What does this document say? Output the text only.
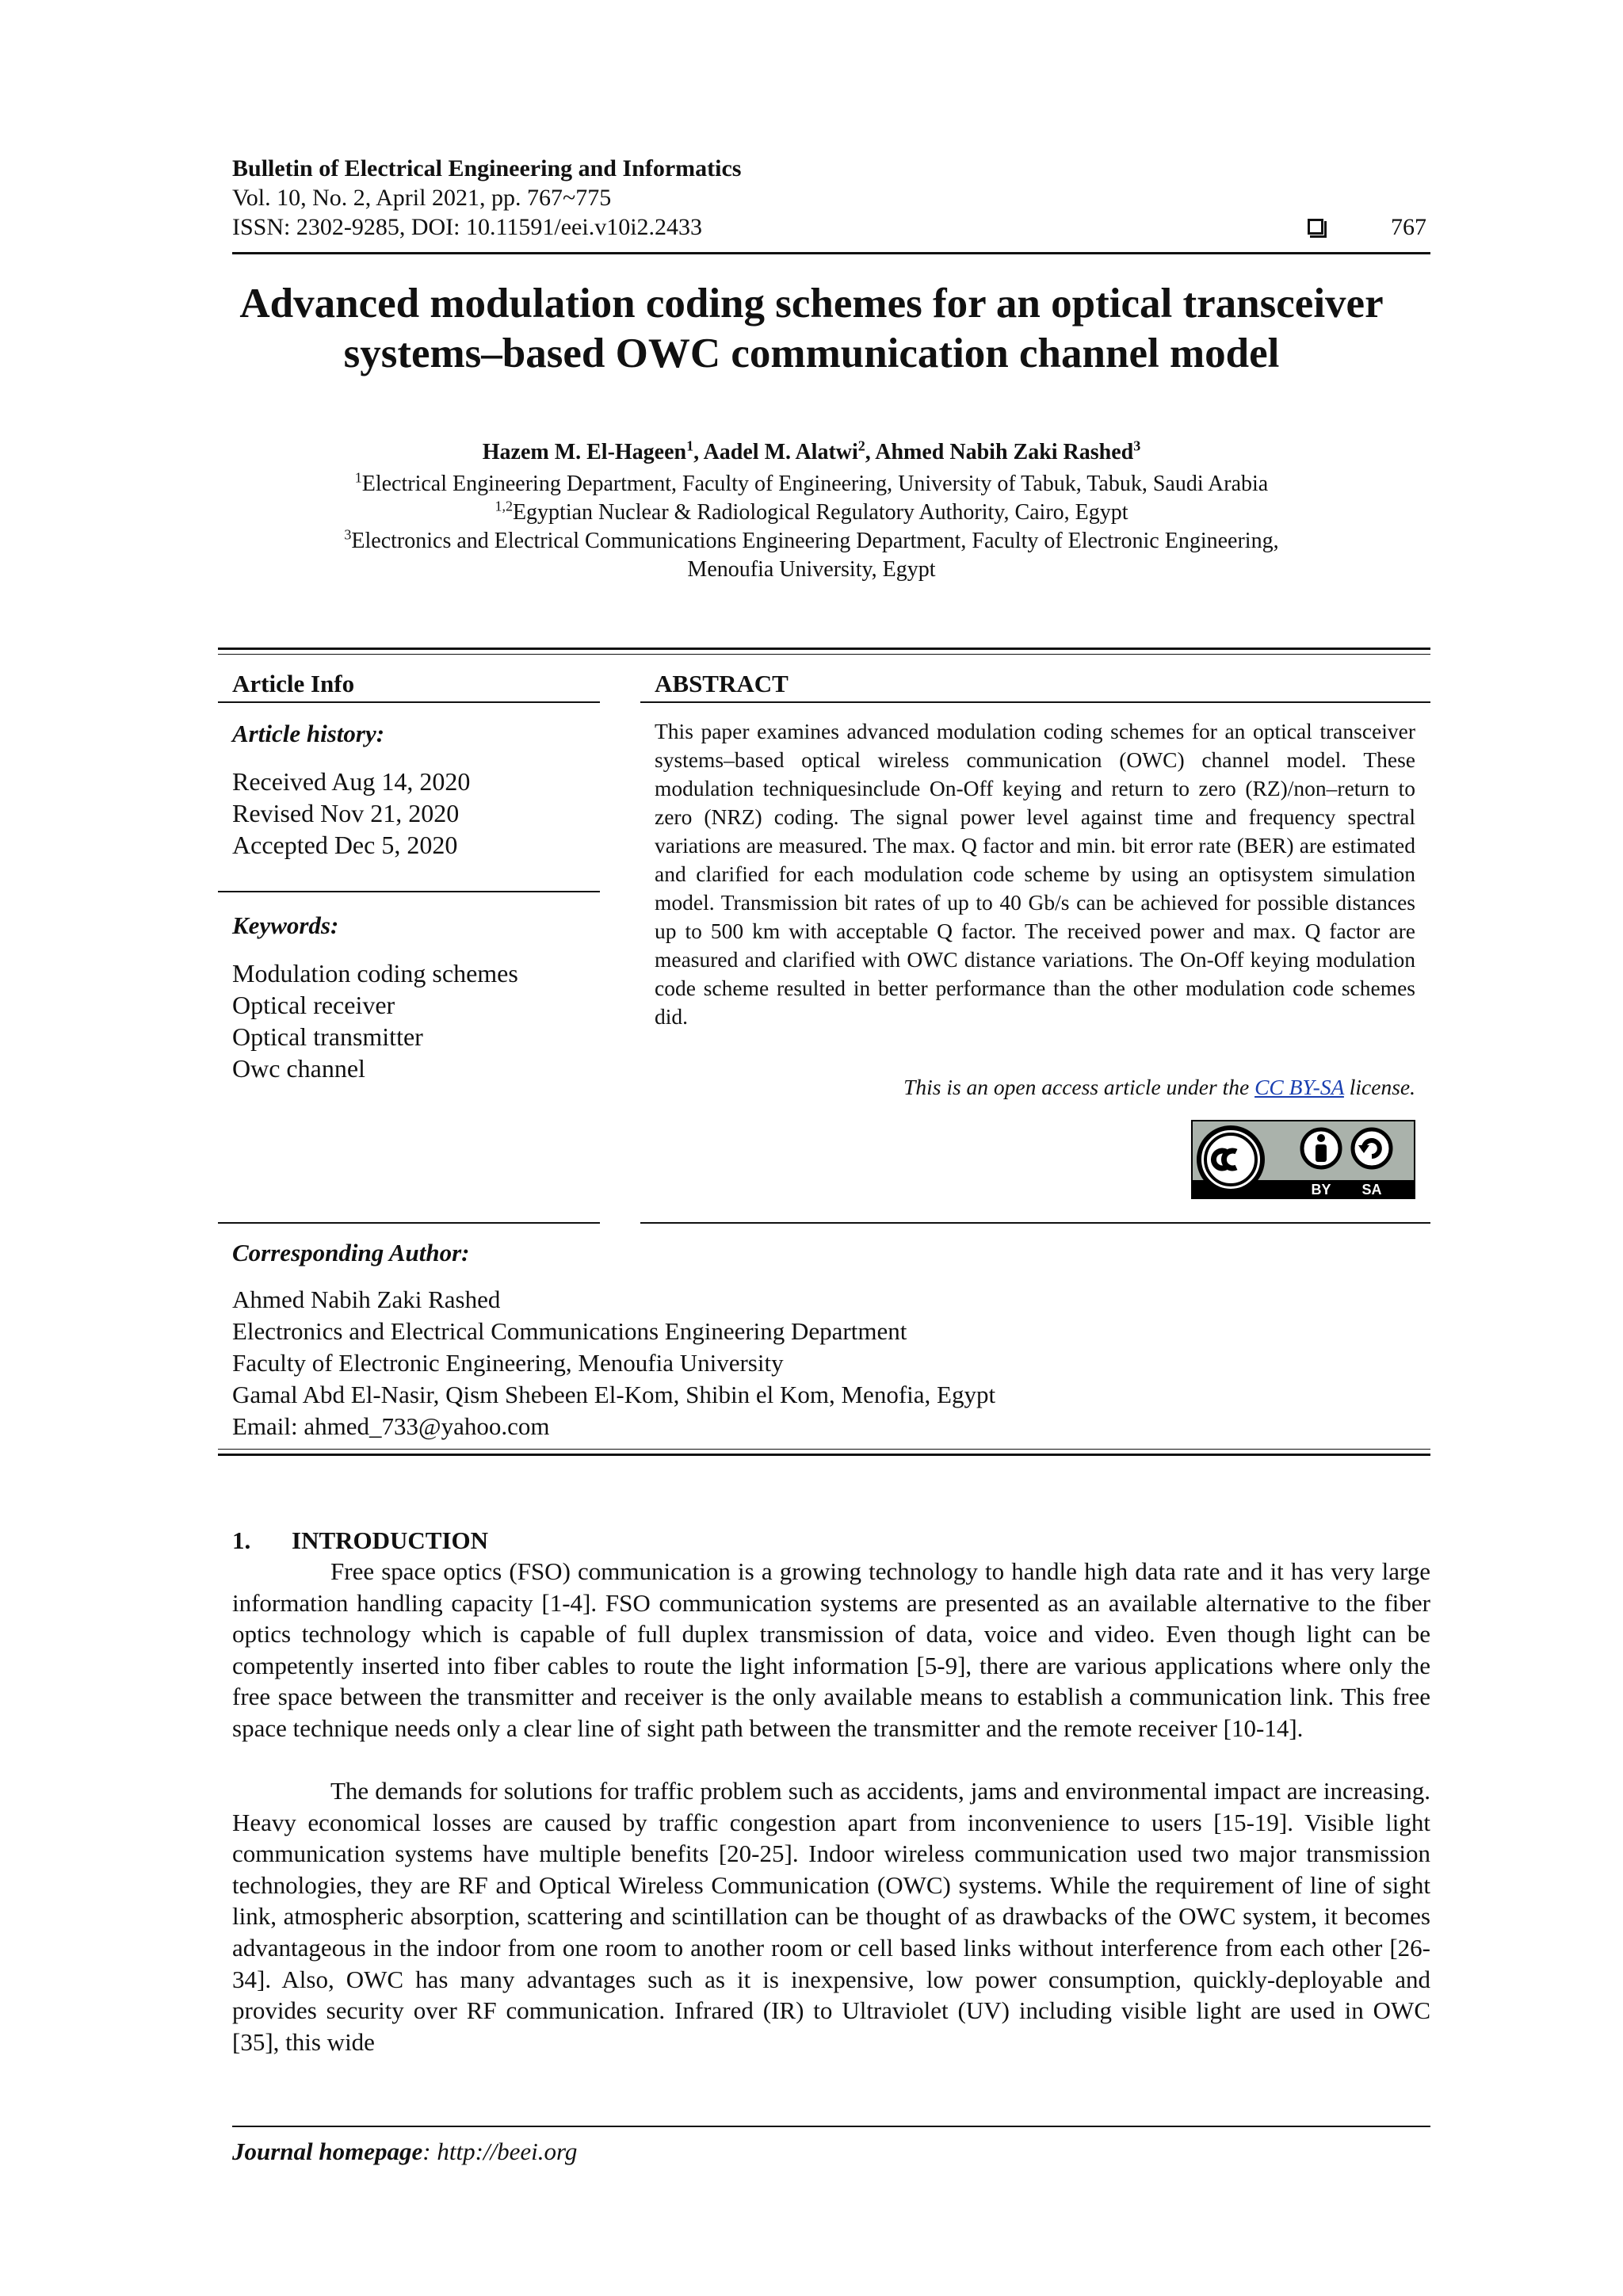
Bulletin of Electrical Engineering and Informatics
Vol. 10, No. 2, April 2021, pp. 767~775
ISSN: 2302-9285, DOI: 10.11591/eei.v10i2.2433	767
Advanced modulation coding schemes for an optical transceiver
systems–based OWC communication channel model
Hazem M. El-Hageen$^1$, Aadel M. Alatwi$^2$, Ahmed Nabih Zaki Rashed$^3$
$^1$Electrical Engineering Department, Faculty of Engineering, University of Tabuk, Tabuk, Saudi Arabia
$^{1,2}$Egyptian Nuclear & Radiological Regulatory Authority, Cairo, Egypt
$^3$Electronics and Electrical Communications Engineering Department, Faculty of Electronic Engineering,
Menoufia University, Egypt
Article Info
Article history:
Received Aug 14, 2020
Revised Nov 21, 2020
Accepted Dec 5, 2020
Keywords:
Modulation coding schemes
Optical receiver
Optical transmitter
Owc channel
ABSTRACT
This paper examines advanced modulation coding schemes for an optical transceiver systems–based optical wireless communication (OWC) channel model. These modulation techniquesinclude On-Off keying and return to zero (RZ)/non–return to zero (NRZ) coding. The signal power level against time and frequency spectral variations are measured. The max. Q factor and min. bit error rate (BER) are estimated and clarified for each modulation code scheme by using an optisystem simulation model. Transmission bit rates of up to 40 Gb/s can be achieved for possible distances up to 500 km with acceptable Q factor. The received power and max. Q factor are measured and clarified with OWC distance variations. The On-Off keying modulation code scheme resulted in better performance than the other modulation code schemes did.
This is an open access article under the CC BY-SA license.
BY SA
Corresponding Author:
Ahmed Nabih Zaki Rashed
Electronics and Electrical Communications Engineering Department
Faculty of Electronic Engineering, Menoufia University
Gamal Abd El-Nasir, Qism Shebeen El-Kom, Shibin el Kom, Menofia, Egypt
Email: ahmed_733@yahoo.com
1. INTRODUCTION
Free space optics (FSO) communication is a growing technology to handle high data rate and it has very large information handling capacity [1-4]. FSO communication systems are presented as an available alternative to the fiber optics technology which is capable of full duplex transmission of data, voice and video. Even though light can be competently inserted into fiber cables to route the light information [5-9], there are various applications where only the free space between the transmitter and receiver is the only available means to establish a communication link. This free space technique needs only a clear line of sight path between the transmitter and the remote receiver [10-14].
The demands for solutions for traffic problem such as accidents, jams and environmental impact are increasing. Heavy economical losses are caused by traffic congestion apart from inconvenience to users [15-19]. Visible light communication systems have multiple benefits [20-25]. Indoor wireless communication used two major transmission technologies, they are RF and Optical Wireless Communication (OWC) systems. While the requirement of line of sight link, atmospheric absorption, scattering and scintillation can be thought of as drawbacks of the OWC system, it becomes advantageous in the indoor from one room to another room or cell based links without interference from each other [26-34]. Also, OWC has many advantages such as it is inexpensive, low power consumption, quickly-deployable and provides security over RF communication. Infrared (IR) to Ultraviolet (UV) including visible light are used in OWC [35], this wide
Journal homepage: http://beei.org
